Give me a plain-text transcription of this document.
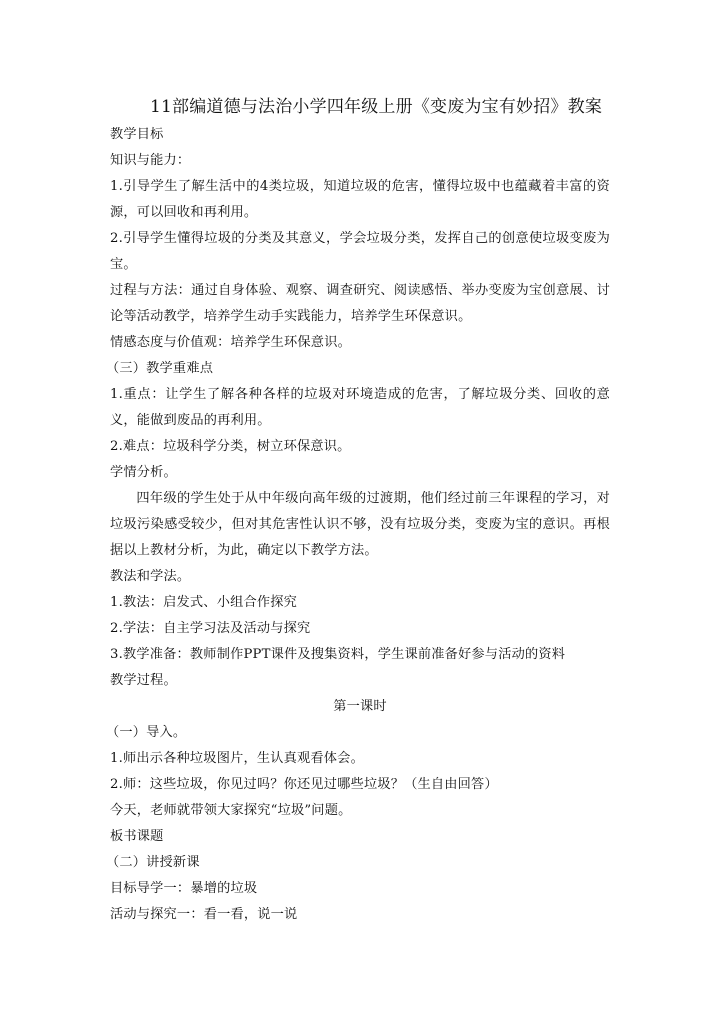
11部编道德与法治小学四年级上册《变废为宝有妙招》教案

教学目标

知识与能力：

1.引导学生了解生活中的4类垃圾，知道垃圾的危害，懂得垃圾中也蕴藏着丰富的资源，可以回收和再利用。

2.引导学生懂得垃圾的分类及其意义，学会垃圾分类，发挥自己的创意使垃圾变废为宝。

过程与方法：通过自身体验、观察、调查研究、阅读感悟、举办变废为宝创意展、讨论等活动教学，培养学生动手实践能力，培养学生环保意识。

情感态度与价值观：培养学生环保意识。

（三）教学重难点

1.重点：让学生了解各种各样的垃圾对环境造成的危害，了解垃圾分类、回收的意义，能做到废品的再利用。

2.难点：垃圾科学分类，树立环保意识。

学情分析。

四年级的学生处于从中年级向高年级的过渡期，他们经过前三年课程的学习，对垃圾污染感受较少，但对其危害性认识不够，没有垃圾分类，变废为宝的意识。再根据以上教材分析，为此，确定以下教学方法。

教法和学法。

1.教法：启发式、小组合作探究

2.学法：自主学习法及活动与探究

3.教学准备：教师制作PPT课件及搜集资料，学生课前准备好参与活动的资料

教学过程。

第一课时

（一）导入。

1.师出示各种垃圾图片，生认真观看体会。

2.师：这些垃圾，你见过吗？你还见过哪些垃圾？（生自由回答）

今天，老师就带领大家探究“垃圾”问题。

板书课题

（二）讲授新课

目标导学一：暴增的垃圾

活动与探究一：看一看，说一说
